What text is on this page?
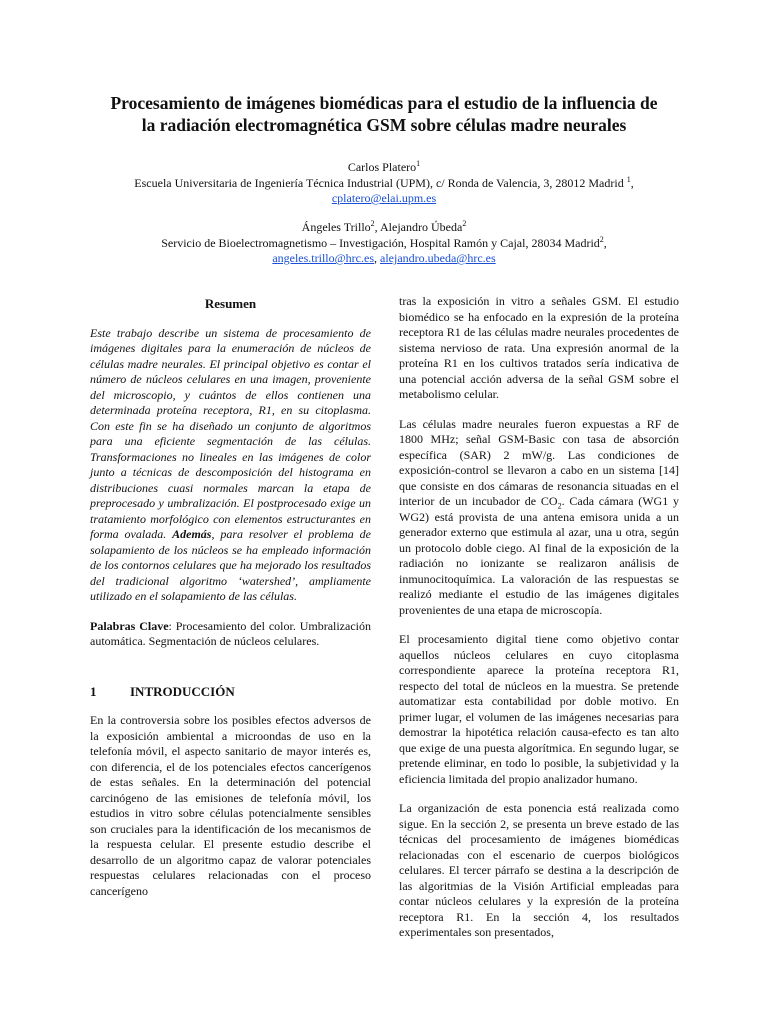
Procesamiento de imágenes biomédicas para el estudio de la influencia de
la radiación electromagnética GSM sobre células madre neurales
Carlos Platero$^1$
Escuela Universitaria de Ingeniería Técnica Industrial (UPM), c/ Ronda de Valencia, 3, 28012 Madrid $^1$,
cplatero@elai.upm.es
Ángeles Trillo$^2$, Alejandro Úbeda$^2$
Servicio de Bioelectromagnetismo – Investigación, Hospital Ramón y Cajal, 28034 Madrid$^2$,
angeles.trillo@hrc.es, alejandro.ubeda@hrc.es
Resumen

Este trabajo describe un sistema de procesamiento de imágenes digitales para la enumeración de núcleos de células madre neurales. El principal objetivo es contar el número de núcleos celulares en una imagen, proveniente del microscopio, y cuántos de ellos contienen una determinada proteína receptora, R1, en su citoplasma. Con este fin se ha diseñado un conjunto de algoritmos para una eficiente segmentación de las células. Transformaciones no lineales en las imágenes de color junto a técnicas de descomposición del histograma en distribuciones cuasi normales marcan la etapa de preprocesado y umbralización. El postprocesado exige un tratamiento morfológico con elementos estructurantes en forma ovalada. Además, para resolver el problema de solapamiento de los núcleos se ha empleado información de los contornos celulares que ha mejorado los resultados del tradicional algoritmo ‘watershed’, ampliamente utilizado en el solapamiento de las células.

Palabras Clave: Procesamiento del color. Umbralización automática. Segmentación de núcleos celulares.

1	INTRODUCCIÓN

En la controversia sobre los posibles efectos adversos de la exposición ambiental a microondas de uso en la telefonía móvil, el aspecto sanitario de mayor interés es, con diferencia, el de los potenciales efectos cancerígenos de estas señales. En la determinación del potencial carcinógeno de las emisiones de telefonía móvil, los estudios in vitro sobre células potencialmente sensibles son cruciales para la identificación de los mecanismos de la respuesta celular. El presente estudio describe el desarrollo de un algoritmo capaz de valorar potenciales respuestas celulares relacionadas con el proceso cancerígeno

tras la exposición in vitro a señales GSM. El estudio biomédico se ha enfocado en la expresión de la proteína receptora R1 de las células madre neurales procedentes de sistema nervioso de rata. Una expresión anormal de la proteína R1 en los cultivos tratados sería indicativa de una potencial acción adversa de la señal GSM sobre el metabolismo celular.

Las células madre neurales fueron expuestas a RF de 1800 MHz; señal GSM-Basic con tasa de absorción específica (SAR) 2 mW/g. Las condiciones de exposición-control se llevaron a cabo en un sistema [14] que consiste en dos cámaras de resonancia situadas en el interior de un incubador de $CO_2$. Cada cámara (WG1 y WG2) está provista de una antena emisora unida a un generador externo que estimula al azar, una u otra, según un protocolo doble ciego. Al final de la exposición de la radiación no ionizante se realizaron análisis de inmunocitoquímica. La valoración de las respuestas se realizó mediante el estudio de las imágenes digitales provenientes de una etapa de microscopía.

El procesamiento digital tiene como objetivo contar aquellos núcleos celulares en cuyo citoplasma correspondiente aparece la proteína receptora R1, respecto del total de núcleos en la muestra. Se pretende automatizar esta contabilidad por doble motivo. En primer lugar, el volumen de las imágenes necesarias para demostrar la hipotética relación causa-efecto es tan alto que exige de una puesta algorítmica. En segundo lugar, se pretende eliminar, en todo lo posible, la subjetividad y la eficiencia limitada del propio analizador humano.

La organización de esta ponencia está realizada como sigue. En la sección 2, se presenta un breve estado de las técnicas del procesamiento de imágenes biomédicas relacionadas con el escenario de cuerpos biológicos celulares. El tercer párrafo se destina a la descripción de las algoritmias de la Visión Artificial empleadas para contar núcleos celulares y la expresión de la proteína receptora R1. En la sección 4, los resultados experimentales son presentados,
